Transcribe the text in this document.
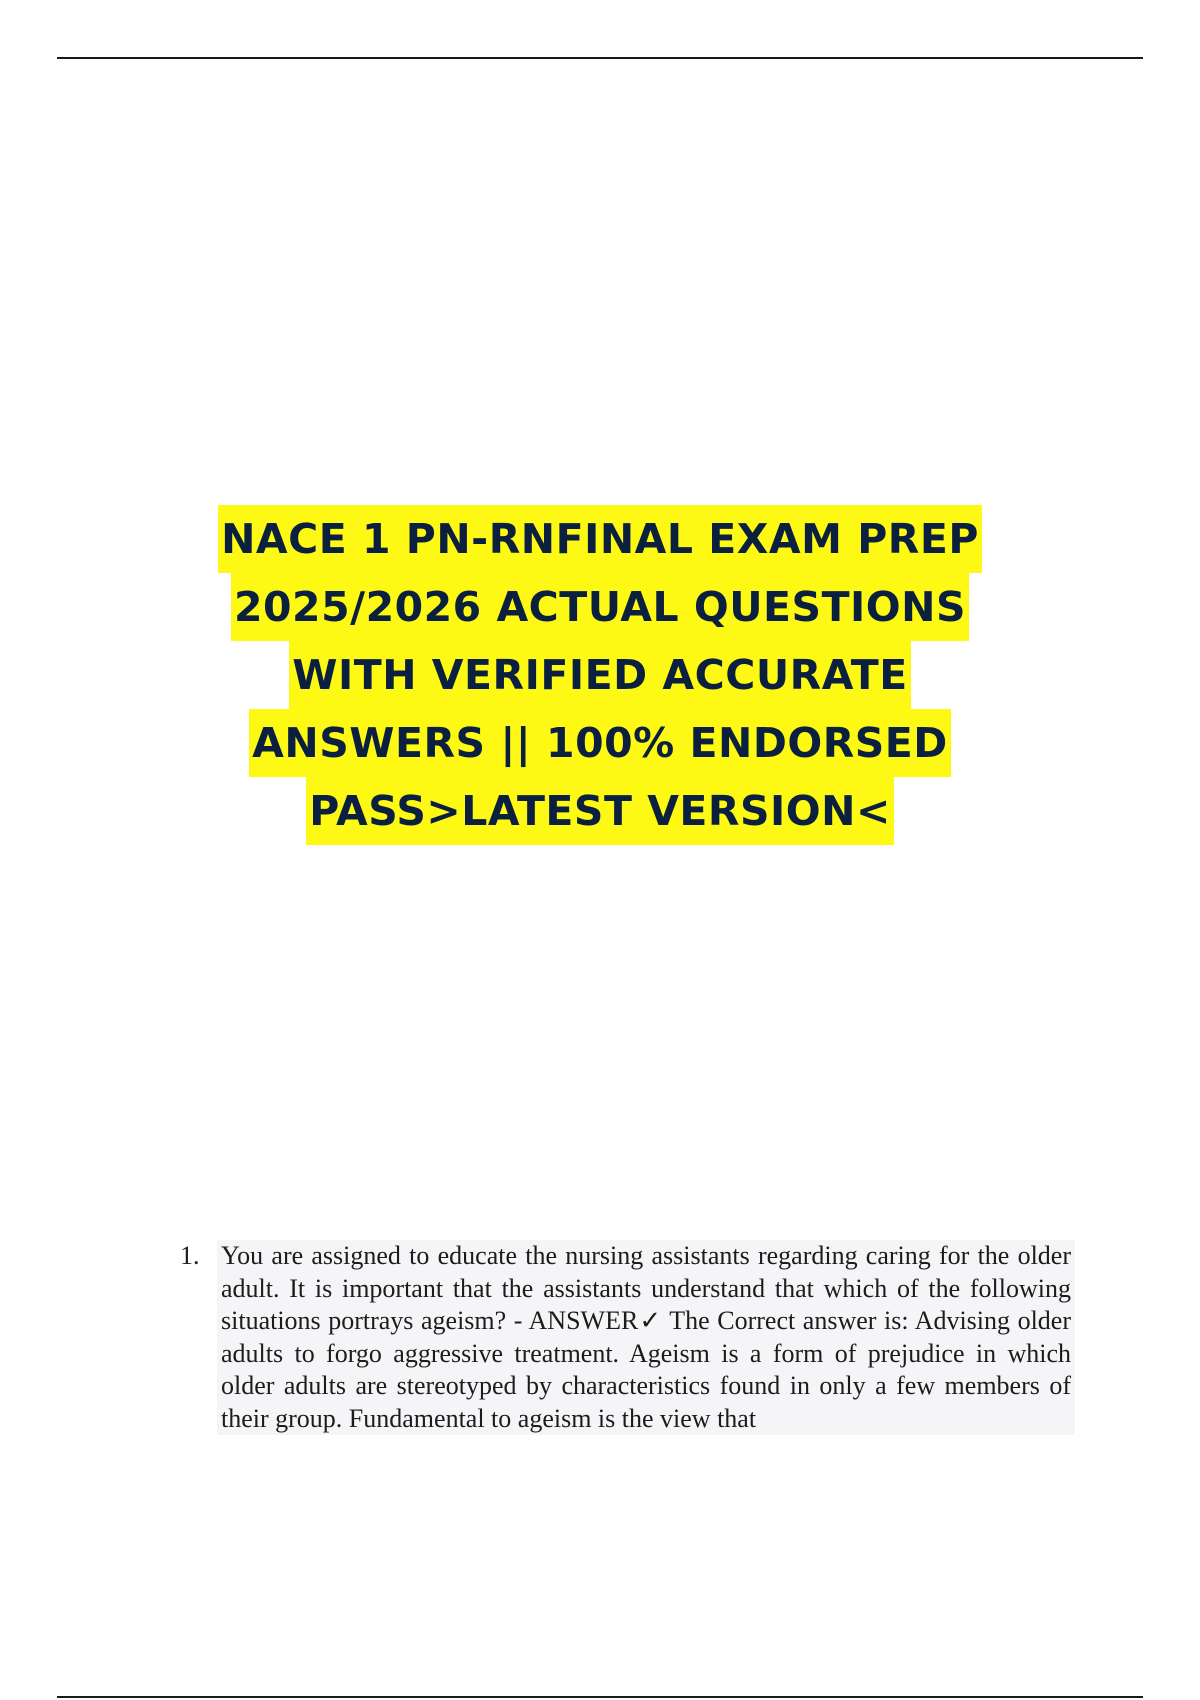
NACE 1 PN-RNFINAL EXAM PREP
2025/2026 ACTUAL QUESTIONS
WITH VERIFIED ACCURATE
ANSWERS || 100% ENDORSED
PASS>LATEST VERSION<
1. You are assigned to educate the nursing assistants regarding caring for the older adult. It is important that the assistants understand that which of the following situations portrays ageism? - ANSWER✓ The Correct answer is: Advising older adults to forgo aggressive treatment. Ageism is a form of prejudice in which older adults are stereotyped by characteristics found in only a few members of their group. Fundamental to ageism is the view that
